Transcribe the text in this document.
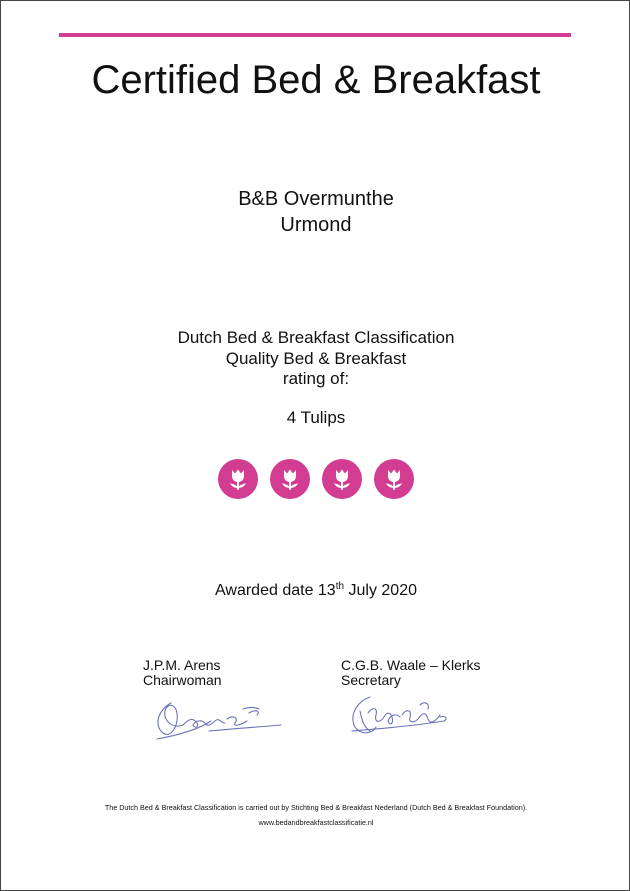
Certified Bed & Breakfast
B&B Overmunthe
Urmond
Dutch Bed & Breakfast Classification
Quality Bed & Breakfast
rating of:
4 Tulips
Awarded date 13th July 2020
J.P.M. Arens
Chairwoman
C.G.B. Waale – Klerks
Secretary
The Dutch Bed & Breakfast Classification is carried out by Stichting Bed & Breakfast Nederland (Dutch Bed & Breakfast Foundation).
www.bedandbreakfastclassificatie.nl
